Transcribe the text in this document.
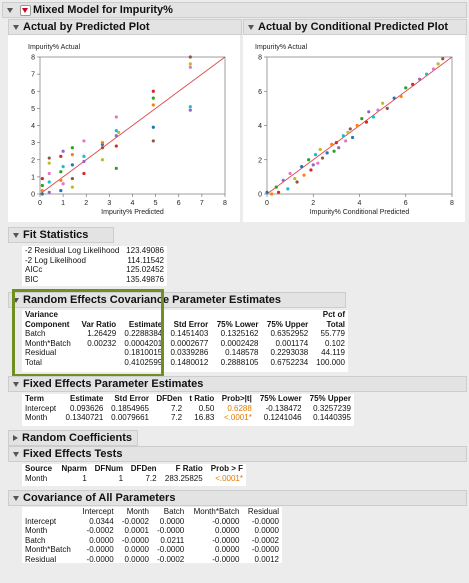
Mixed Model for Impurity%
Actual by Predicted Plot	Actual by Conditional Predicted Plot
Impurity% Actual
0	1	2	3	4	5	6	7	8
0
1
2
3
4
5
6
7
8
Impurity% Predicted
Impurity% Actual
0	2	4	6	8
0
2
4
6
8
Impurity% Conditional Predicted
Fit Statistics
-2 Residual Log Likelihood	123.49086
-2 Log Likelihood	114.11542
AICc	125.02452
BIC	135.49876
Random Effects Covariance Parameter Estimates
Variance
Component	Var Ratio	Estimate	Std Error	75% Lower	75% Upper	Pct of
Total
Batch	1.26429	0.2288384	0.1451403	0.1325162	0.6352952	55.779
Month*Batch	0.00232	0.0004201	0.0002677	0.0002428	0.001174	0.102
Residual		0.1810015	0.0339286	0.148578	0.2293038	44.119
Total		0.4102599	0.1480012	0.2888105	0.6752234	100.000
Fixed Effects Parameter Estimates
Term	Estimate	Std Error	DFDen	t Ratio	Prob>|t|	75% Lower	75% Upper
Intercept	0.093626	0.1854965	7.2	0.50	0.6288	-0.138472	0.3257239
Month	0.1340721	0.0079661	7.2	16.83	<.0001*	0.1241046	0.1440395
Random Coefficients
Fixed Effects Tests
Source	Nparm	DFNum	DFDen	F Ratio	Prob > F
Month	1	1	7.2	283.25825	<.0001*
Covariance of All Parameters
	Intercept	Month	Batch	Month*Batch	Residual
Intercept	0.0344	-0.0002	0.0000	-0.0000	-0.0000
Month	-0.0002	0.0001	-0.0000	0.0000	0.0000
Batch	0.0000	-0.0000	0.0211	-0.0000	-0.0002
Month*Batch	-0.0000	0.0000	-0.0000	0.0000	-0.0000
Residual	-0.0000	0.0000	-0.0002	-0.0000	0.0012
